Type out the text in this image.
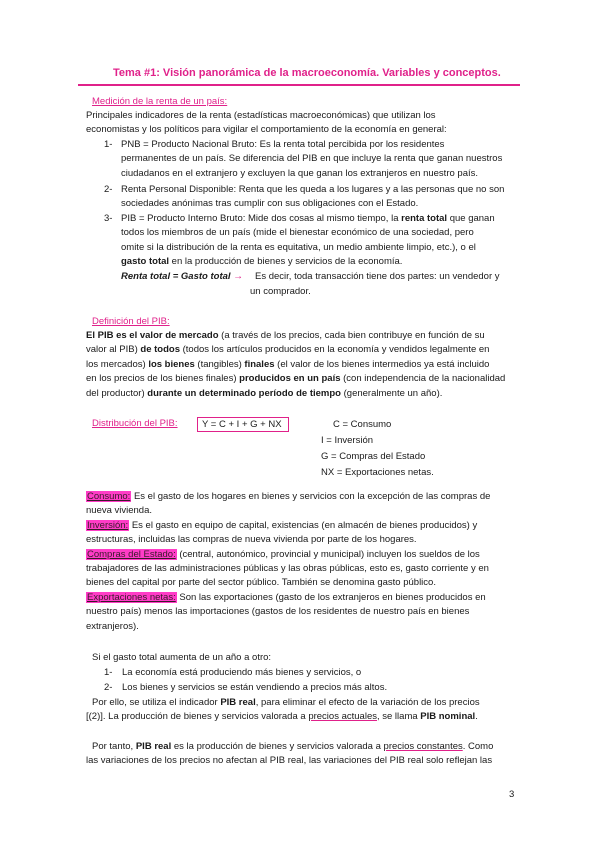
Tema #1: Visión panorámica de la macroeconomía. Variables y conceptos.
Medición de la renta de un país:
Principales indicadores de la renta (estadísticas macroeconómicas) que utilizan los
economistas y los políticos para vigilar el comportamiento de la economía en general:
1- PNB = Producto Nacional Bruto: Es la renta total percibida por los residentes
permanentes de un país. Se diferencia del PIB en que incluye la renta que ganan nuestros
ciudadanos en el extranjero y excluyen la que ganan los extranjeros en nuestro país.
2- Renta Personal Disponible: Renta que les queda a los lugares y a las personas que no son
sociedades anónimas tras cumplir con sus obligaciones con el Estado.
3- PIB = Producto Interno Bruto: Mide dos cosas al mismo tiempo, la renta total que ganan
todos los miembros de un país (mide el bienestar económico de una sociedad, pero
omite si la distribución de la renta es equitativa, un medio ambiente limpio, etc.), o el
gasto total en la producción de bienes y servicios de la economía.
Renta total = Gasto total → Es decir, toda transacción tiene dos partes: un vendedor y
un comprador.
Definición del PIB:
El PIB es el valor de mercado (a través de los precios, cada bien contribuye en función de su
valor al PIB) de todos (todos los artículos producidos en la economía y vendidos legalmente en
los mercados) los bienes (tangibles) finales (el valor de los bienes intermedios ya está incluido
en los precios de los bienes finales) producidos en un país (con independencia de la nacionalidad
del productor) durante un determinado período de tiempo (generalmente un año).
Distribución del PIB:	Y = C + I + G + NX	C = Consumo
I = Inversión
G = Compras del Estado
NX = Exportaciones netas.
Consumo: Es el gasto de los hogares en bienes y servicios con la excepción de las compras de
nueva vivienda.
Inversión: Es el gasto en equipo de capital, existencias (en almacén de bienes producidos) y
estructuras, incluidas las compras de nueva vivienda por parte de los hogares.
Compras del Estado: (central, autonómico, provincial y municipal) incluyen los sueldos de los
trabajadores de las administraciones públicas y las obras públicas, esto es, gasto corriente y en
bienes del capital por parte del sector público. También se denomina gasto público.
Exportaciones netas: Son las exportaciones (gasto de los extranjeros en bienes producidos en
nuestro país) menos las importaciones (gastos de los residentes de nuestro país en bienes
extranjeros).
Si el gasto total aumenta de un año a otro:
1- La economía está produciendo más bienes y servicios, o
2- Los bienes y servicios se están vendiendo a precios más altos.
Por ello, se utiliza el indicador PIB real, para eliminar el efecto de la variación de los precios
[(2)]. La producción de bienes y servicios valorada a precios actuales, se llama PIB nominal.
Por tanto, PIB real es la producción de bienes y servicios valorada a precios constantes. Como
las variaciones de los precios no afectan al PIB real, las variaciones del PIB real solo reflejan las
3
